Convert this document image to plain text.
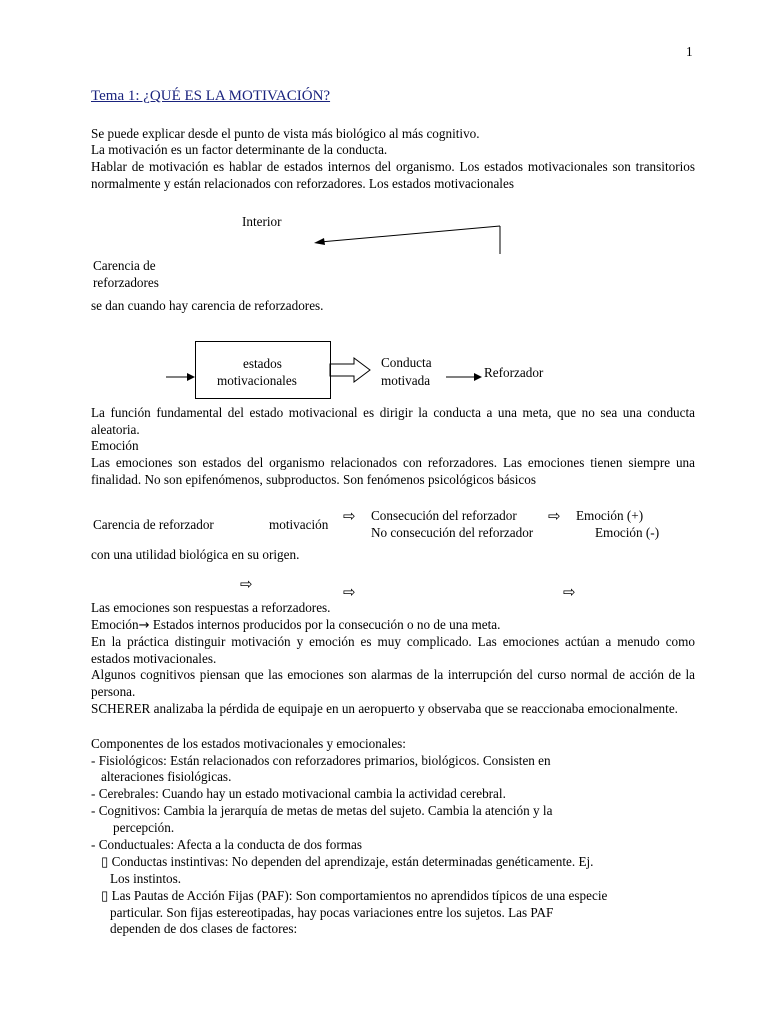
1
Tema 1: ¿QUÉ ES LA MOTIVACIÓN?
Se puede explicar desde el punto de vista más biológico al más cognitivo.
La motivación es un factor determinante de la conducta.
Hablar de motivación es hablar de estados internos del organismo. Los estados motivacionales son transitorios normalmente y están relacionados con reforzadores. Los estados motivacionales
Interior
Carencia de
reforzadores
se dan cuando hay carencia de reforzadores.
estados
motivacionales
Conducta
motivada
Reforzador
La función fundamental del estado motivacional es dirigir la conducta a una meta, que no sea una conducta aleatoria.
Emoción
Las emociones son estados del organismo relacionados con reforzadores. Las emociones tienen siempre una finalidad. No son epifenómenos, subproductos. Son fenómenos psicológicos básicos
Carencia de reforzador	motivación ⇨ Consecución del reforzador ⇨ Emoción (+)
No consecución del reforzador	Emoción (-)
con una utilidad biológica en su origen.
⇨	⇨	⇨
Las emociones son respuestas a reforzadores.
Emoción→ Estados internos producidos por la consecución o no de una meta.
En la práctica distinguir motivación y emoción es muy complicado. Las emociones actúan a menudo como estados motivacionales.
Algunos cognitivos piensan que las emociones son alarmas de la interrupción del curso normal de acción de la persona.
SCHERER analizaba la pérdida de equipaje en un aeropuerto y observaba que se reaccionaba emocionalmente.
Componentes de los estados motivacionales y emocionales:
- Fisiológicos: Están relacionados con reforzadores primarios, biológicos. Consisten en
alteraciones fisiológicas.
- Cerebrales: Cuando hay un estado motivacional cambia la actividad cerebral.
- Cognitivos: Cambia la jerarquía de metas de metas del sujeto. Cambia la atención y la
percepción.
- Conductuales: Afecta a la conducta de dos formas
▯ Conductas instintivas: No dependen del aprendizaje, están determinadas genéticamente. Ej.
Los instintos.
▯ Las Pautas de Acción Fijas (PAF): Son comportamientos no aprendidos típicos de una especie
particular. Son fijas estereotipadas, hay pocas variaciones entre los sujetos. Las PAF
dependen de dos clases de factores:
